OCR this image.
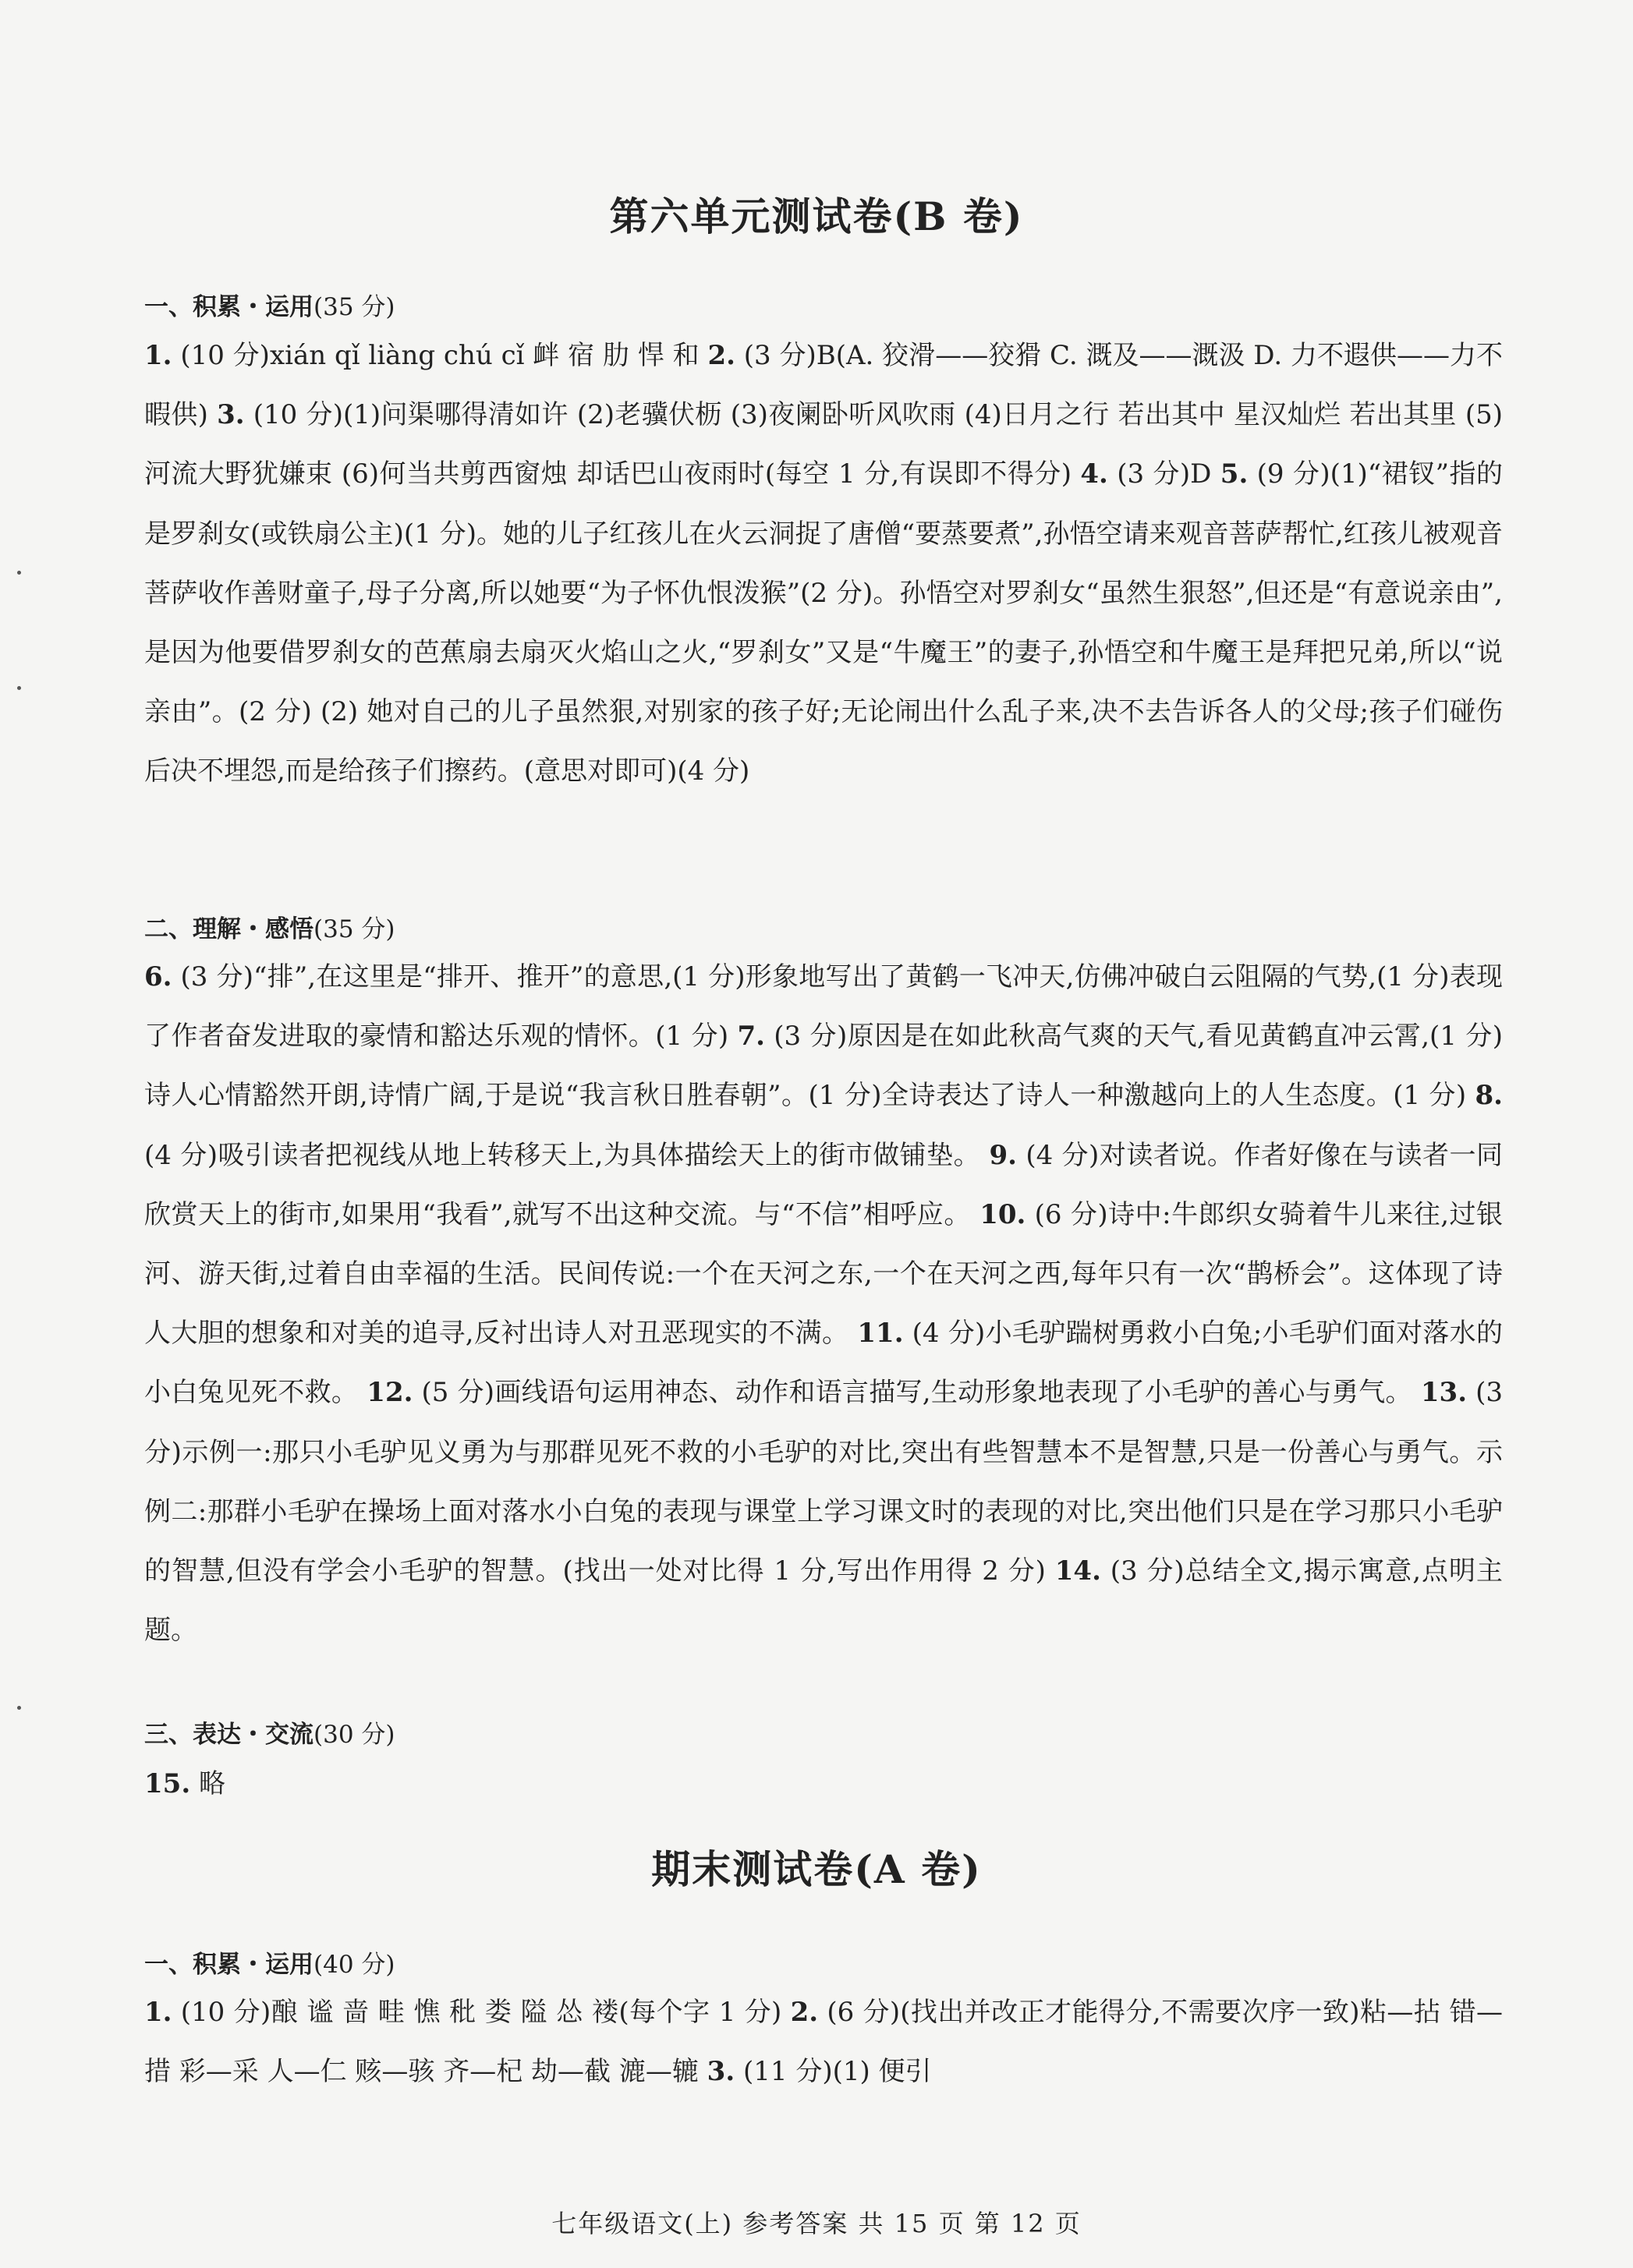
第六单元测试卷(B 卷)
一、积累・运用(35 分)
1. (10 分)xián qǐ liàng chú cǐ 衅 宿 肋 悍 和 2. (3 分)B(A. 狡滑——狡猾 C. 溉及——溉汲 D. 力不遐供——力不暇供) 3. (10 分)(1)问渠哪得清如许 (2)老骥伏枥 (3)夜阑卧听风吹雨 (4)日月之行 若出其中 星汉灿烂 若出其里 (5)河流大野犹嫌束 (6)何当共剪西窗烛 却话巴山夜雨时(每空 1 分,有误即不得分) 4. (3 分)D 5. (9 分)(1)“裙钗”指的是罗刹女(或铁扇公主)(1 分)。她的儿子红孩儿在火云洞捉了唐僧“要蒸要煮”,孙悟空请来观音菩萨帮忙,红孩儿被观音菩萨收作善财童子,母子分离,所以她要“为子怀仇恨泼猴”(2 分)。孙悟空对罗刹女“虽然生狠怒”,但还是“有意说亲由”,是因为他要借罗刹女的芭蕉扇去扇灭火焰山之火,“罗刹女”又是“牛魔王”的妻子,孙悟空和牛魔王是拜把兄弟,所以“说亲由”。(2 分) (2) 她对自己的儿子虽然狠,对别家的孩子好;无论闹出什么乱子来,决不去告诉各人的父母;孩子们碰伤后决不埋怨,而是给孩子们擦药。(意思对即可)(4 分)
二、理解・感悟(35 分)
6. (3 分)“排”,在这里是“排开、推开”的意思,(1 分)形象地写出了黄鹤一飞冲天,仿佛冲破白云阻隔的气势,(1 分)表现了作者奋发进取的豪情和豁达乐观的情怀。(1 分) 7. (3 分)原因是在如此秋高气爽的天气,看见黄鹤直冲云霄,(1 分)诗人心情豁然开朗,诗情广阔,于是说“我言秋日胜春朝”。(1 分)全诗表达了诗人一种激越向上的人生态度。(1 分) 8. (4 分)吸引读者把视线从地上转移天上,为具体描绘天上的街市做铺垫。 9. (4 分)对读者说。作者好像在与读者一同欣赏天上的街市,如果用“我看”,就写不出这种交流。与“不信”相呼应。 10. (6 分)诗中:牛郎织女骑着牛儿来往,过银河、游天街,过着自由幸福的生活。民间传说:一个在天河之东,一个在天河之西,每年只有一次“鹊桥会”。这体现了诗人大胆的想象和对美的追寻,反衬出诗人对丑恶现实的不满。 11. (4 分)小毛驴踹树勇救小白兔;小毛驴们面对落水的小白兔见死不救。 12. (5 分)画线语句运用神态、动作和语言描写,生动形象地表现了小毛驴的善心与勇气。 13. (3 分)示例一:那只小毛驴见义勇为与那群见死不救的小毛驴的对比,突出有些智慧本不是智慧,只是一份善心与勇气。示例二:那群小毛驴在操场上面对落水小白兔的表现与课堂上学习课文时的表现的对比,突出他们只是在学习那只小毛驴的智慧,但没有学会小毛驴的智慧。(找出一处对比得 1 分,写出作用得 2 分) 14. (3 分)总结全文,揭示寓意,点明主题。
三、表达・交流(30 分)
15. 略
期末测试卷(A 卷)
一、积累・运用(40 分)
1. (10 分)酿 谧 啬 畦 憔 秕 娄 隘 怂 褛(每个字 1 分) 2. (6 分)(找出并改正才能得分,不需要次序一致)粘—拈 错—措 彩—采 人—仁 赅—骇 齐—杞 劫—截 漉—辘 3. (11 分)(1) 便引
七年级语文(上) 参考答案 共 15 页 第 12 页
